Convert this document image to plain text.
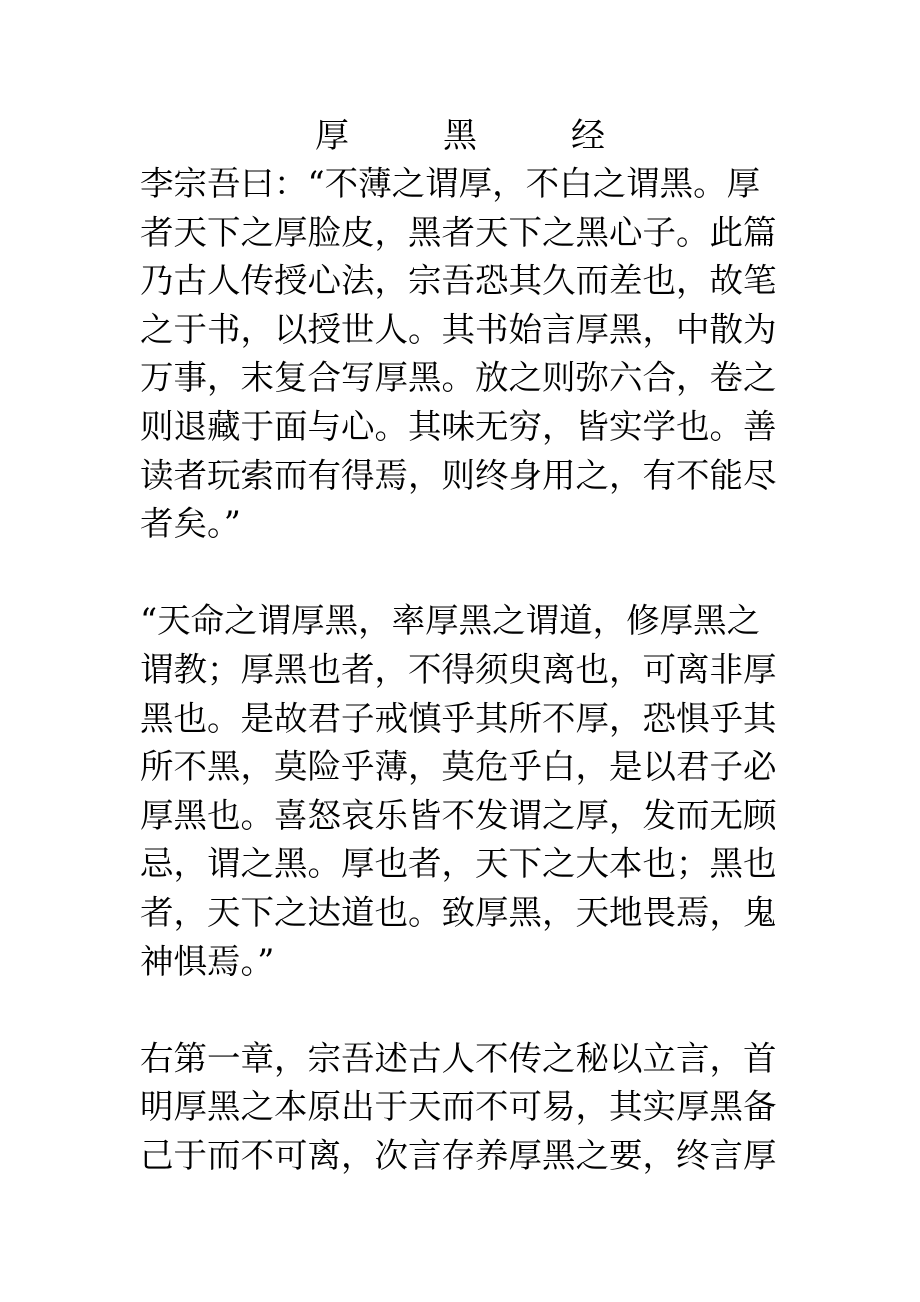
厚　黑　经
李宗吾曰：“不薄之谓厚，不白之谓黑。厚
者天下之厚脸皮，黑者天下之黑心子。此篇
乃古人传授心法，宗吾恐其久而差也，故笔
之于书，以授世人。其书始言厚黑，中散为
万事，末复合写厚黑。放之则弥六合，卷之
则退藏于面与心。其味无穷，皆实学也。善
读者玩索而有得焉，则终身用之，有不能尽
者矣。”
“天命之谓厚黑，率厚黑之谓道，修厚黑之
谓教；厚黑也者，不得须臾离也，可离非厚
黑也。是故君子戒慎乎其所不厚，恐惧乎其
所不黑，莫险乎薄，莫危乎白，是以君子必
厚黑也。喜怒哀乐皆不发谓之厚，发而无顾
忌，谓之黑。厚也者，天下之大本也；黑也
者，天下之达道也。致厚黑，天地畏焉，鬼
神惧焉。”
右第一章，宗吾述古人不传之秘以立言，首
明厚黑之本原出于天而不可易，其实厚黑备
己于而不可离，次言存养厚黑之要，终言厚
